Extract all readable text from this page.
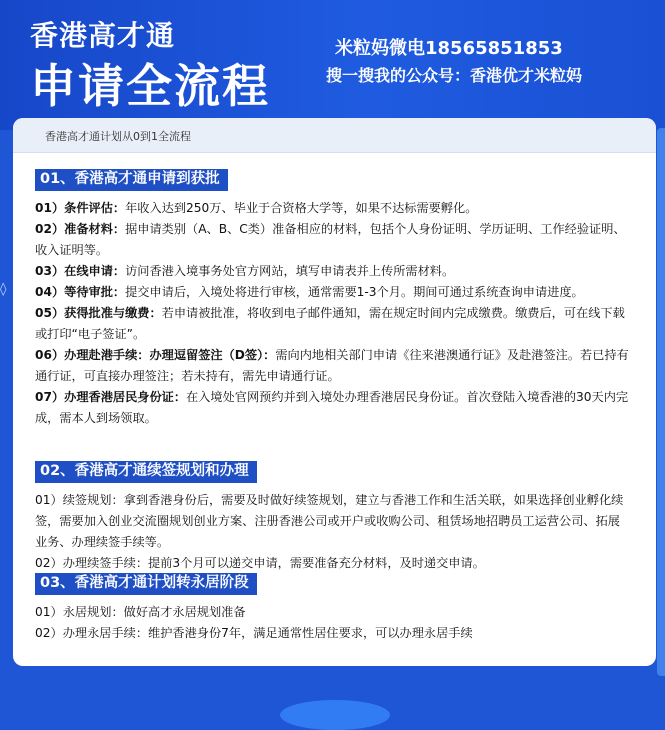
香港高才通
申请全流程
米粒妈微电18565851853
搜一搜我的公众号：香港优才米粒妈
◊
香港高才通计划从0到1全流程
01、香港高才通申请到获批
01）条件评估：年收入达到250万、毕业于合资格大学等，如果不达标需要孵化。
02）准备材料：据申请类别（A、B、C类）准备相应的材料，包括个人身份证明、学历证明、工作经验证明、收入证明等。
03）在线申请：访问香港入境事务处官方网站，填写申请表并上传所需材料。
04）等待审批：提交申请后，入境处将进行审核，通常需要1-3个月。期间可通过系统查询申请进度。
05）获得批准与缴费：若申请被批准，将收到电子邮件通知，需在规定时间内完成缴费。缴费后，可在线下载或打印“电子签证”。
06）办理赴港手续：办理逗留签注（D签）：需向内地相关部门申请《往来港澳通行证》及赴港签注。若已持有通行证，可直接办理签注；若未持有，需先申请通行证。
07）办理香港居民身份证：在入境处官网预约并到入境处办理香港居民身份证。首次登陆入境香港的30天内完成，需本人到场领取。
02、香港高才通续签规划和办理
01）续签规划：拿到香港身份后，需要及时做好续签规划，建立与香港工作和生活关联，如果选择创业孵化续签，需要加入创业交流圈规划创业方案、注册香港公司或开户或收购公司、租赁场地招聘员工运营公司、拓展业务、办理续签手续等。
02）办理续签手续：提前3个月可以递交申请，需要准备充分材料，及时递交申请。
03、香港高才通计划转永居阶段
01）永居规划：做好高才永居规划准备
02）办理永居手续：维护香港身份7年，满足通常性居住要求，可以办理永居手续
